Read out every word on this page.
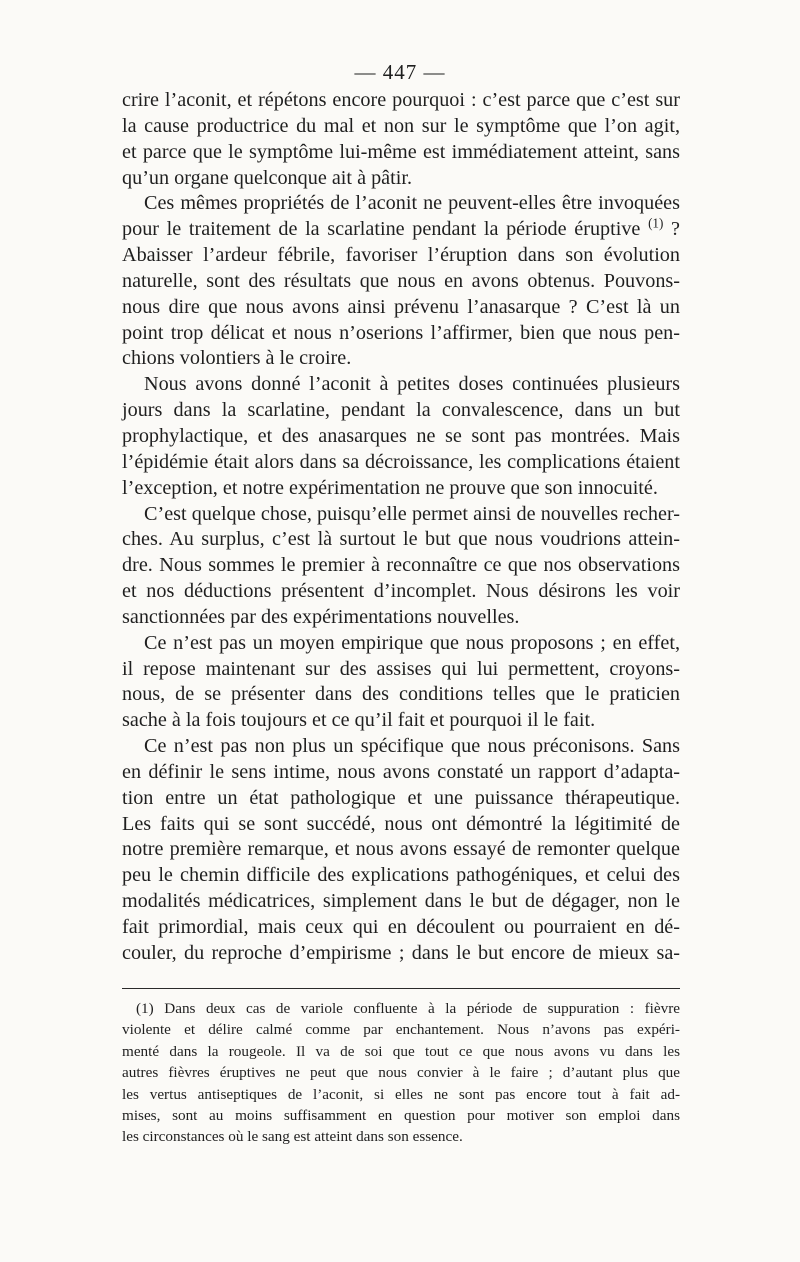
— 447 —

crire l’aconit, et répétons encore pourquoi : c’est parce que c’est sur

la cause productrice du mal et non sur le symptôme que l’on agit,

et parce que le symptôme lui-même est immédiatement atteint, sans

qu’un organe quelconque ait à pâtir.

Ces mêmes propriétés de l’aconit ne peuvent-elles être invoquées

pour le traitement de la scarlatine pendant la période éruptive $^{(1)}$ ?

Abaisser l’ardeur fébrile, favoriser l’éruption dans son évolution

naturelle, sont des résultats que nous en avons obtenus. Pouvons-

nous dire que nous avons ainsi prévenu l’anasarque ? C’est là un

point trop délicat et nous n’oserions l’affirmer, bien que nous pen-

chions volontiers à le croire.

Nous avons donné l’aconit à petites doses continuées plusieurs

jours dans la scarlatine, pendant la convalescence, dans un but

prophylactique, et des anasarques ne se sont pas montrées. Mais

l’épidémie était alors dans sa décroissance, les complications étaient

l’exception, et notre expérimentation ne prouve que son innocuité.

C’est quelque chose, puisqu’elle permet ainsi de nouvelles recher-

ches. Au surplus, c’est là surtout le but que nous voudrions attein-

dre. Nous sommes le premier à reconnaître ce que nos observations

et nos déductions présentent d’incomplet. Nous désirons les voir

sanctionnées par des expérimentations nouvelles.

Ce n’est pas un moyen empirique que nous proposons ; en effet,

il repose maintenant sur des assises qui lui permettent, croyons-

nous, de se présenter dans des conditions telles que le praticien

sache à la fois toujours et ce qu’il fait et pourquoi il le fait.

Ce n’est pas non plus un spécifique que nous préconisons. Sans

en définir le sens intime, nous avons constaté un rapport d’adapta-

tion entre un état pathologique et une puissance thérapeutique.

Les faits qui se sont succédé, nous ont démontré la légitimité de

notre première remarque, et nous avons essayé de remonter quelque

peu le chemin difficile des explications pathogéniques, et celui des

modalités médicatrices, simplement dans le but de dégager, non le

fait primordial, mais ceux qui en découlent ou pourraient en dé-

couler, du reproche d’empirisme ; dans le but encore de mieux sa-

(1) Dans deux cas de variole confluente à la période de suppuration : fièvre

violente et délire calmé comme par enchantement. Nous n’avons pas expéri-

menté dans la rougeole. Il va de soi que tout ce que nous avons vu dans les

autres fièvres éruptives ne peut que nous convier à le faire ; d’autant plus que

les vertus antiseptiques de l’aconit, si elles ne sont pas encore tout à fait ad-

mises, sont au moins suffisamment en question pour motiver son emploi dans

les circonstances où le sang est atteint dans son essence.
